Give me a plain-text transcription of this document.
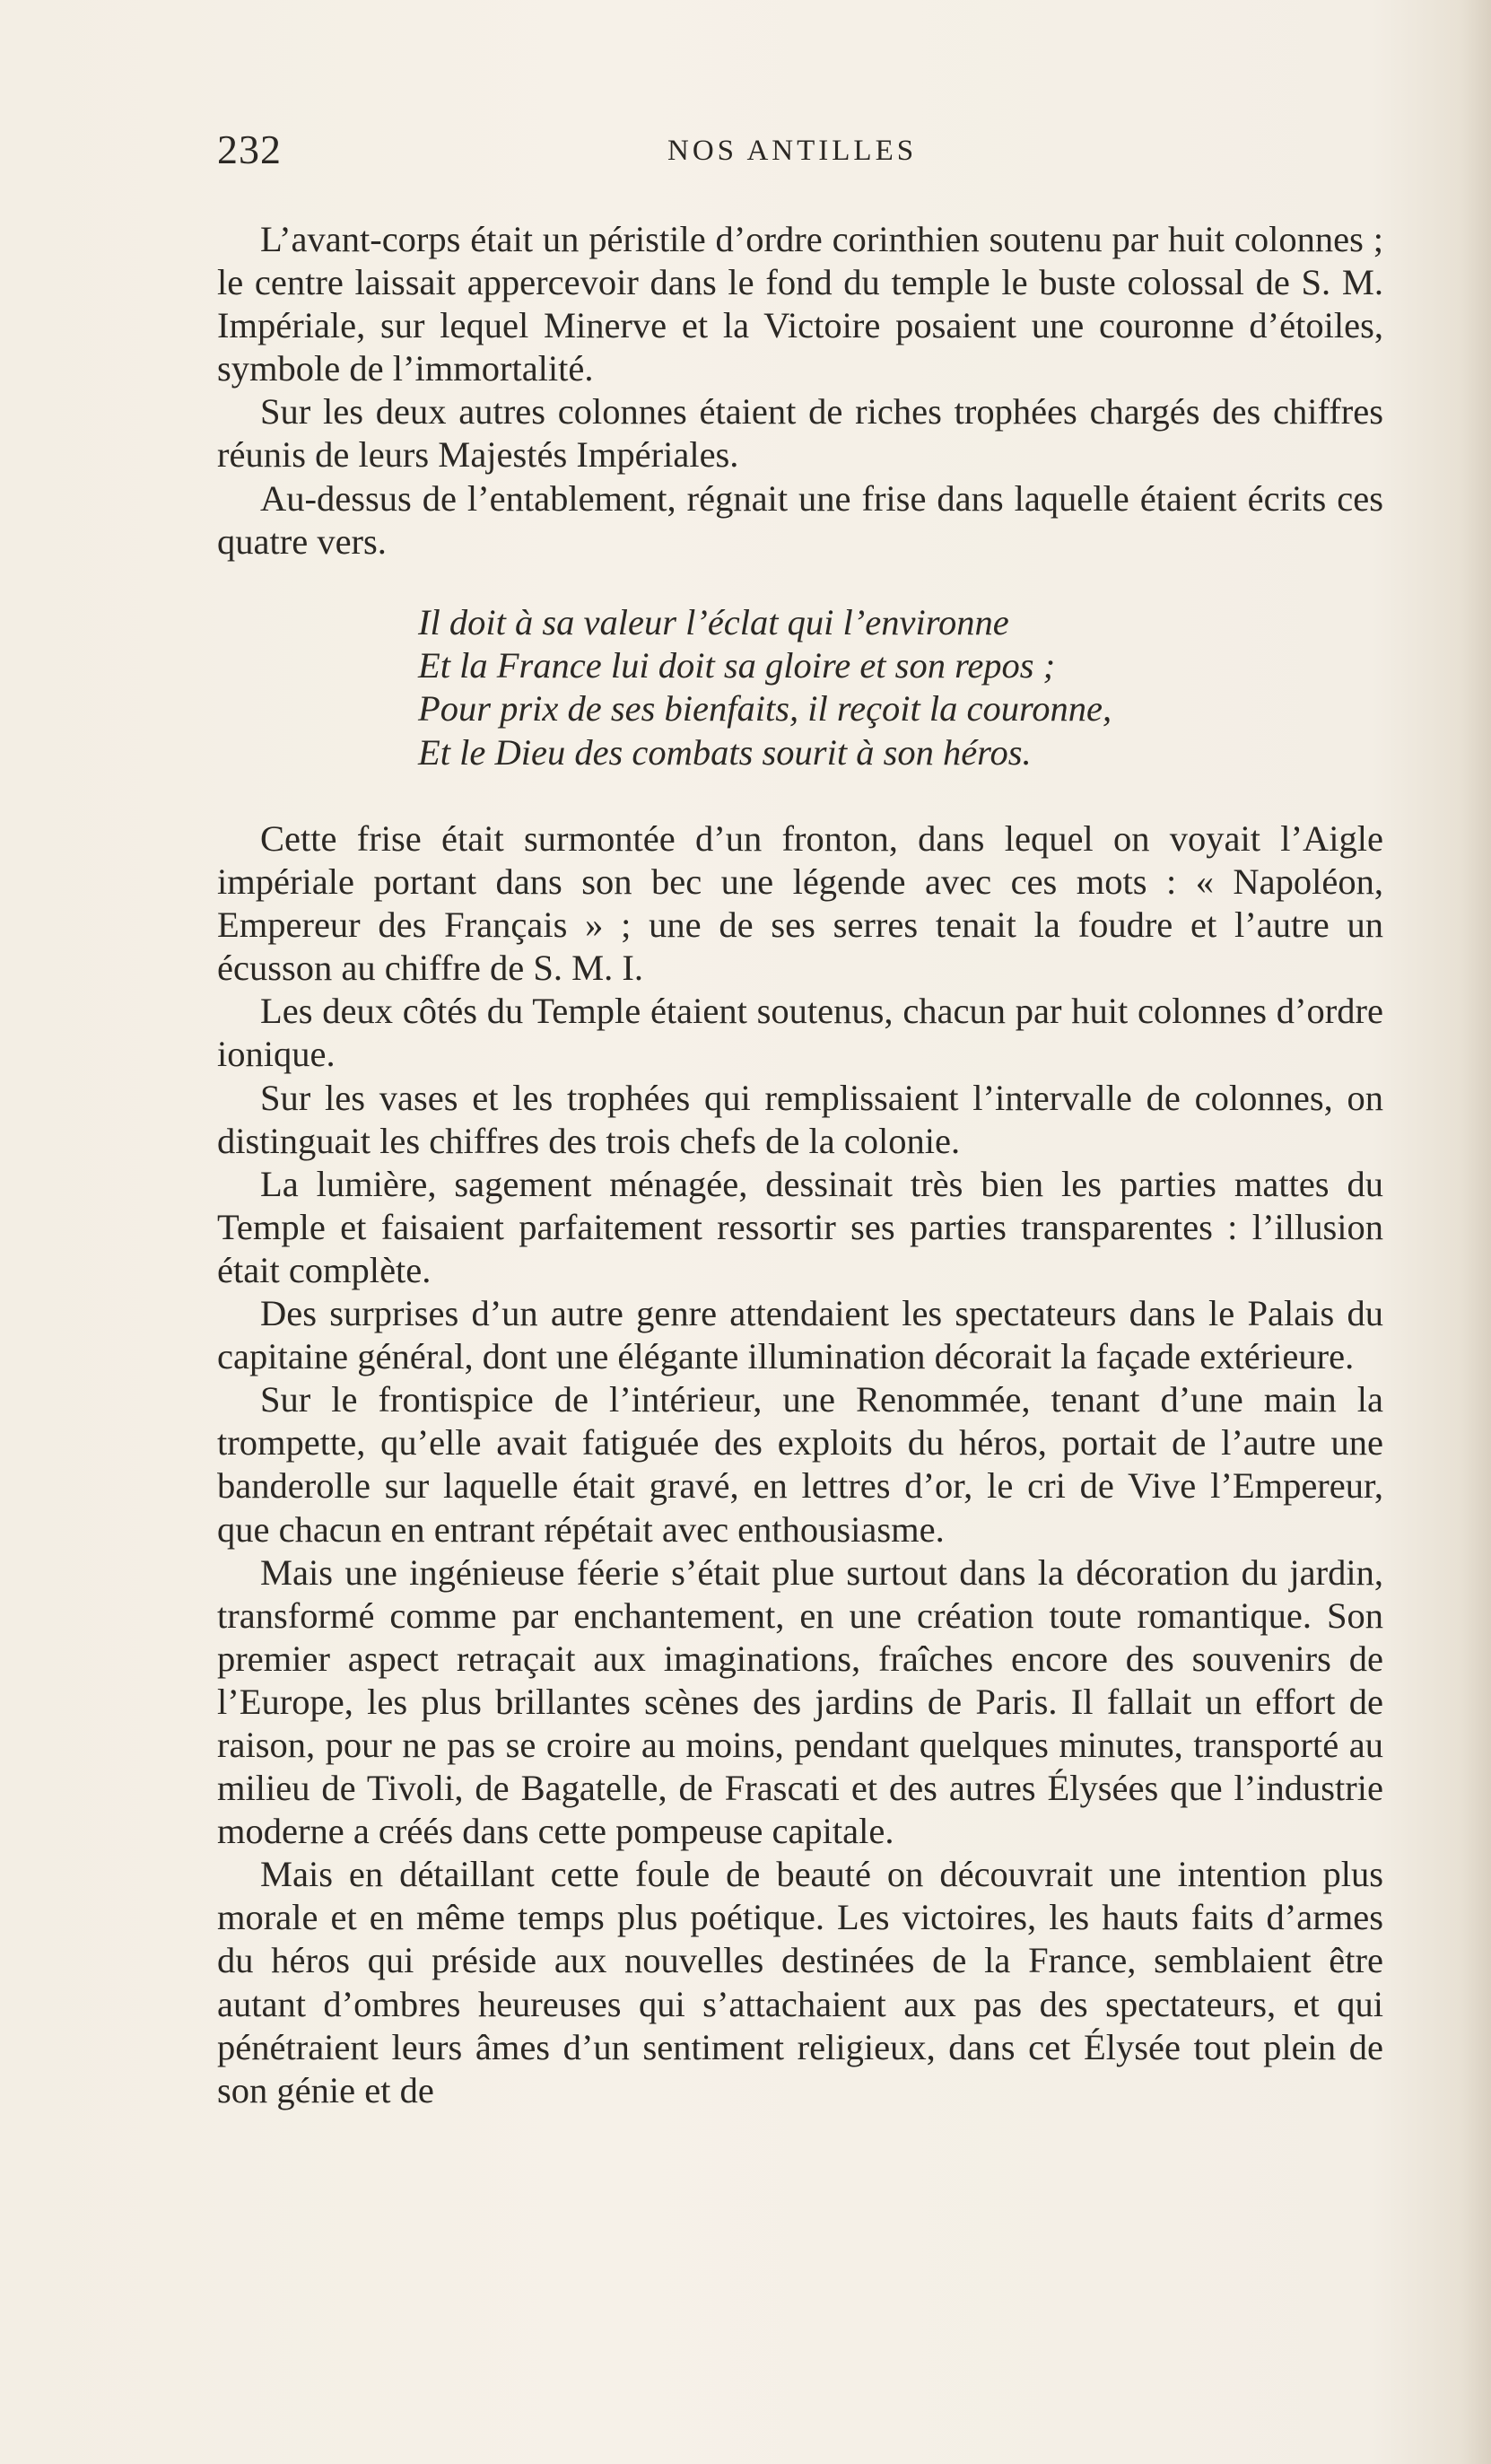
232	NOS ANTILLES

L’avant-corps était un péristile d’ordre corinthien soutenu par huit colonnes ; le centre laissait appercevoir dans le fond du temple le buste colossal de S. M. Impériale, sur lequel Minerve et la Victoire posaient une couronne d’étoiles, symbole de l’immortalité.

Sur les deux autres colonnes étaient de riches trophées chargés des chiffres réunis de leurs Majestés Impériales.

Au-dessus de l’entablement, régnait une frise dans laquelle étaient écrits ces quatre vers.

Il doit à sa valeur l’éclat qui l’environne
Et la France lui doit sa gloire et son repos ;
Pour prix de ses bienfaits, il reçoit la couronne,
Et le Dieu des combats sourit à son héros.

Cette frise était surmontée d’un fronton, dans lequel on voyait l’Aigle impériale portant dans son bec une légende avec ces mots : « Napoléon, Empereur des Français » ; une de ses serres tenait la foudre et l’autre un écusson au chiffre de S. M. I.

Les deux côtés du Temple étaient soutenus, chacun par huit colonnes d’ordre ionique.

Sur les vases et les trophées qui remplissaient l’intervalle de colonnes, on distinguait les chiffres des trois chefs de la colonie.

La lumière, sagement ménagée, dessinait très bien les parties mattes du Temple et faisaient parfaitement ressortir ses parties transparentes : l’illusion était complète.

Des surprises d’un autre genre attendaient les spectateurs dans le Palais du capitaine général, dont une élégante illumination décorait la façade extérieure.

Sur le frontispice de l’intérieur, une Renommée, tenant d’une main la trompette, qu’elle avait fatiguée des exploits du héros, portait de l’autre une banderolle sur laquelle était gravé, en lettres d’or, le cri de Vive l’Empereur, que chacun en entrant répétait avec enthousiasme.

Mais une ingénieuse féerie s’était plue surtout dans la décoration du jardin, transformé comme par enchantement, en une création toute romantique. Son premier aspect retraçait aux imaginations, fraîches encore des souvenirs de l’Europe, les plus brillantes scènes des jardins de Paris. Il fallait un effort de raison, pour ne pas se croire au moins, pendant quelques minutes, transporté au milieu de Tivoli, de Bagatelle, de Frascati et des autres Élysées que l’industrie moderne a créés dans cette pompeuse capitale.

Mais en détaillant cette foule de beauté on découvrait une intention plus morale et en même temps plus poétique. Les victoires, les hauts faits d’armes du héros qui préside aux nouvelles destinées de la France, semblaient être autant d’ombres heureuses qui s’attachaient aux pas des spectateurs, et qui pénétraient leurs âmes d’un sentiment religieux, dans cet Élysée tout plein de son génie et de
